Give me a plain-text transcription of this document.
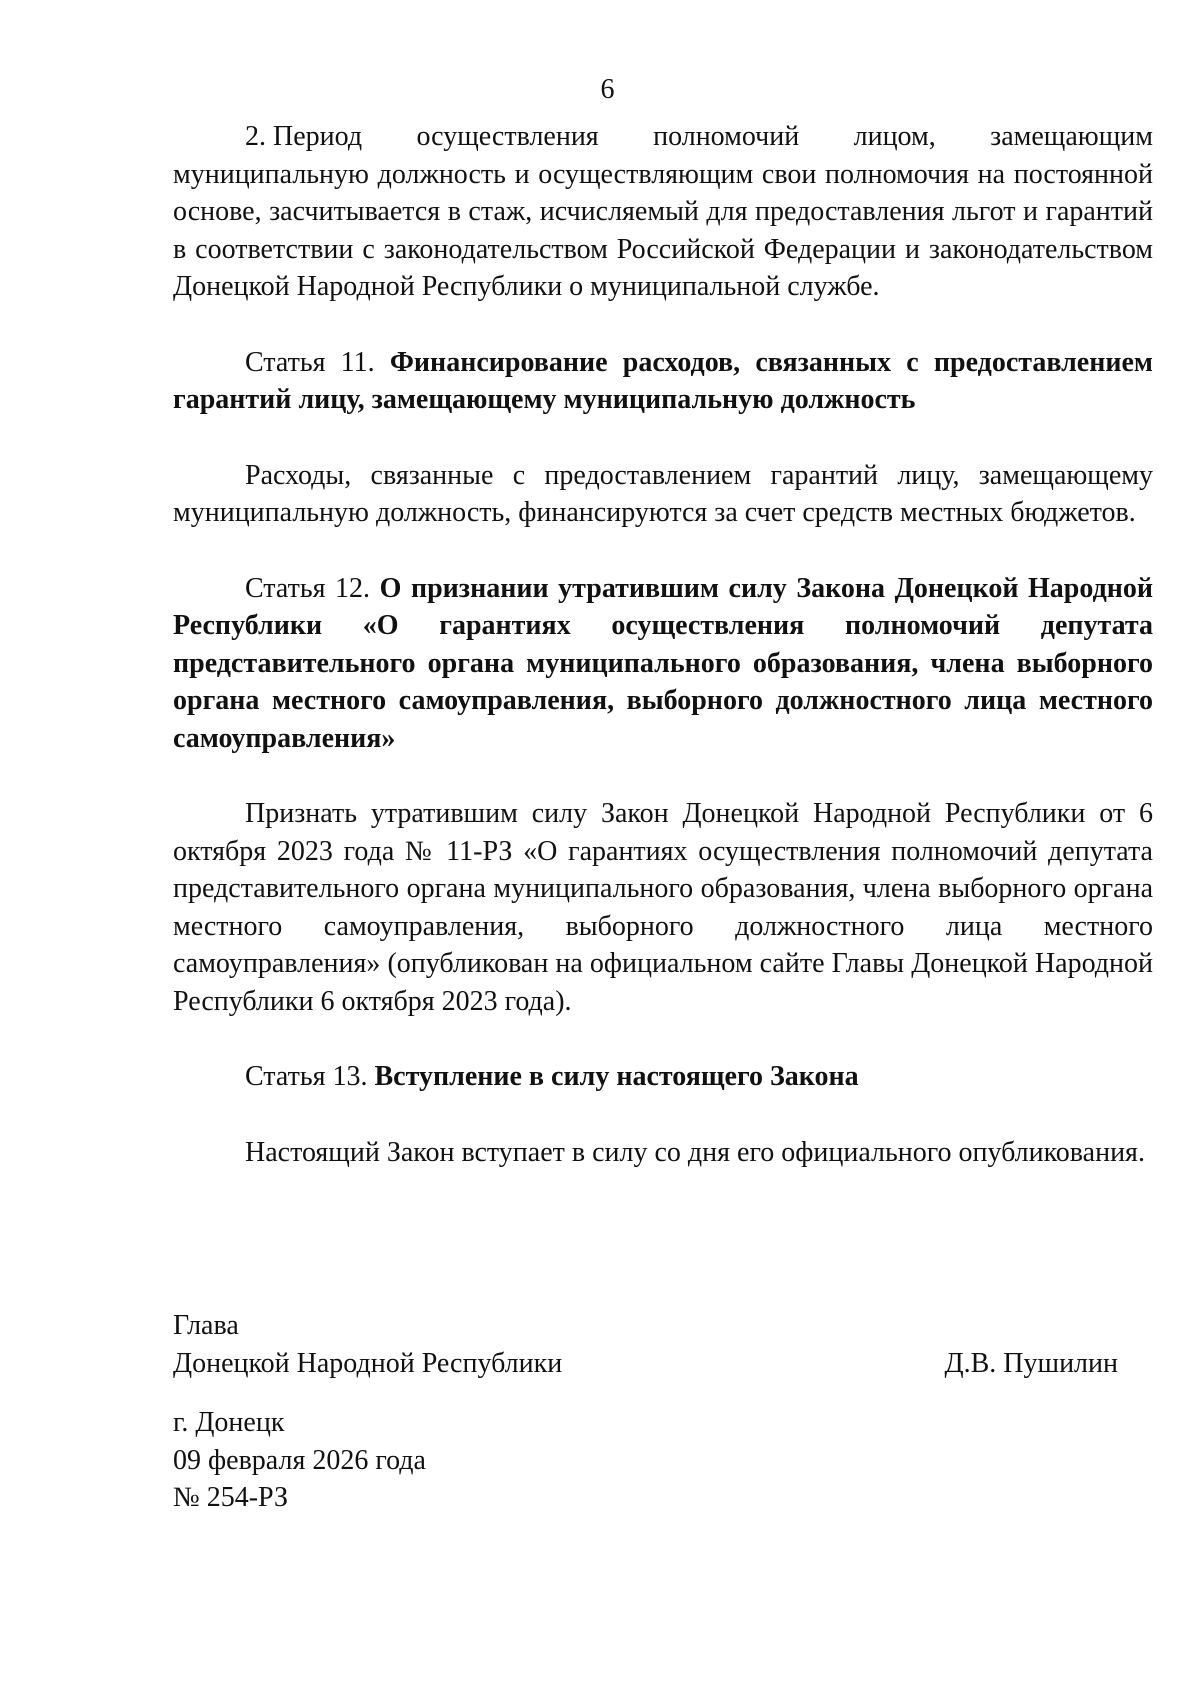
6

2. Период осуществления полномочий лицом, замещающим

муниципальную должность и осуществляющим свои полномочия на постоянной основе, засчитывается в стаж, исчисляемый для предоставления льгот и гарантий в соответствии с законодательством Российской Федерации и законодательством Донецкой Народной Республики о муниципальной службе.

Статья 11. Финансирование расходов, связанных с предоставлением гарантий лицу, замещающему муниципальную должность

Расходы, связанные с предоставлением гарантий лицу, замещающему муниципальную должность, финансируются за счет средств местных бюджетов.

Статья 12. О признании утратившим силу Закона Донецкой Народной Республики «О гарантиях осуществления полномочий депутата представительного органа муниципального образования, члена выборного органа местного самоуправления, выборного должностного лица местного самоуправления»

Признать утратившим силу Закон Донецкой Народной Республики от 6 октября 2023 года № 11-РЗ «О гарантиях осуществления полномочий депутата представительного органа муниципального образования, члена выборного органа местного самоуправления, выборного должностного лица местного самоуправления» (опубликован на официальном сайте Главы Донецкой Народной Республики 6 октября 2023 года).

Статья 13. Вступление в силу настоящего Закона

Настоящий Закон вступает в силу со дня его официального опубликования.

Глава
Донецкой Народной Республики	Д.В. Пушилин
г. Донецк
09 февраля 2026 года
№ 254-РЗ
